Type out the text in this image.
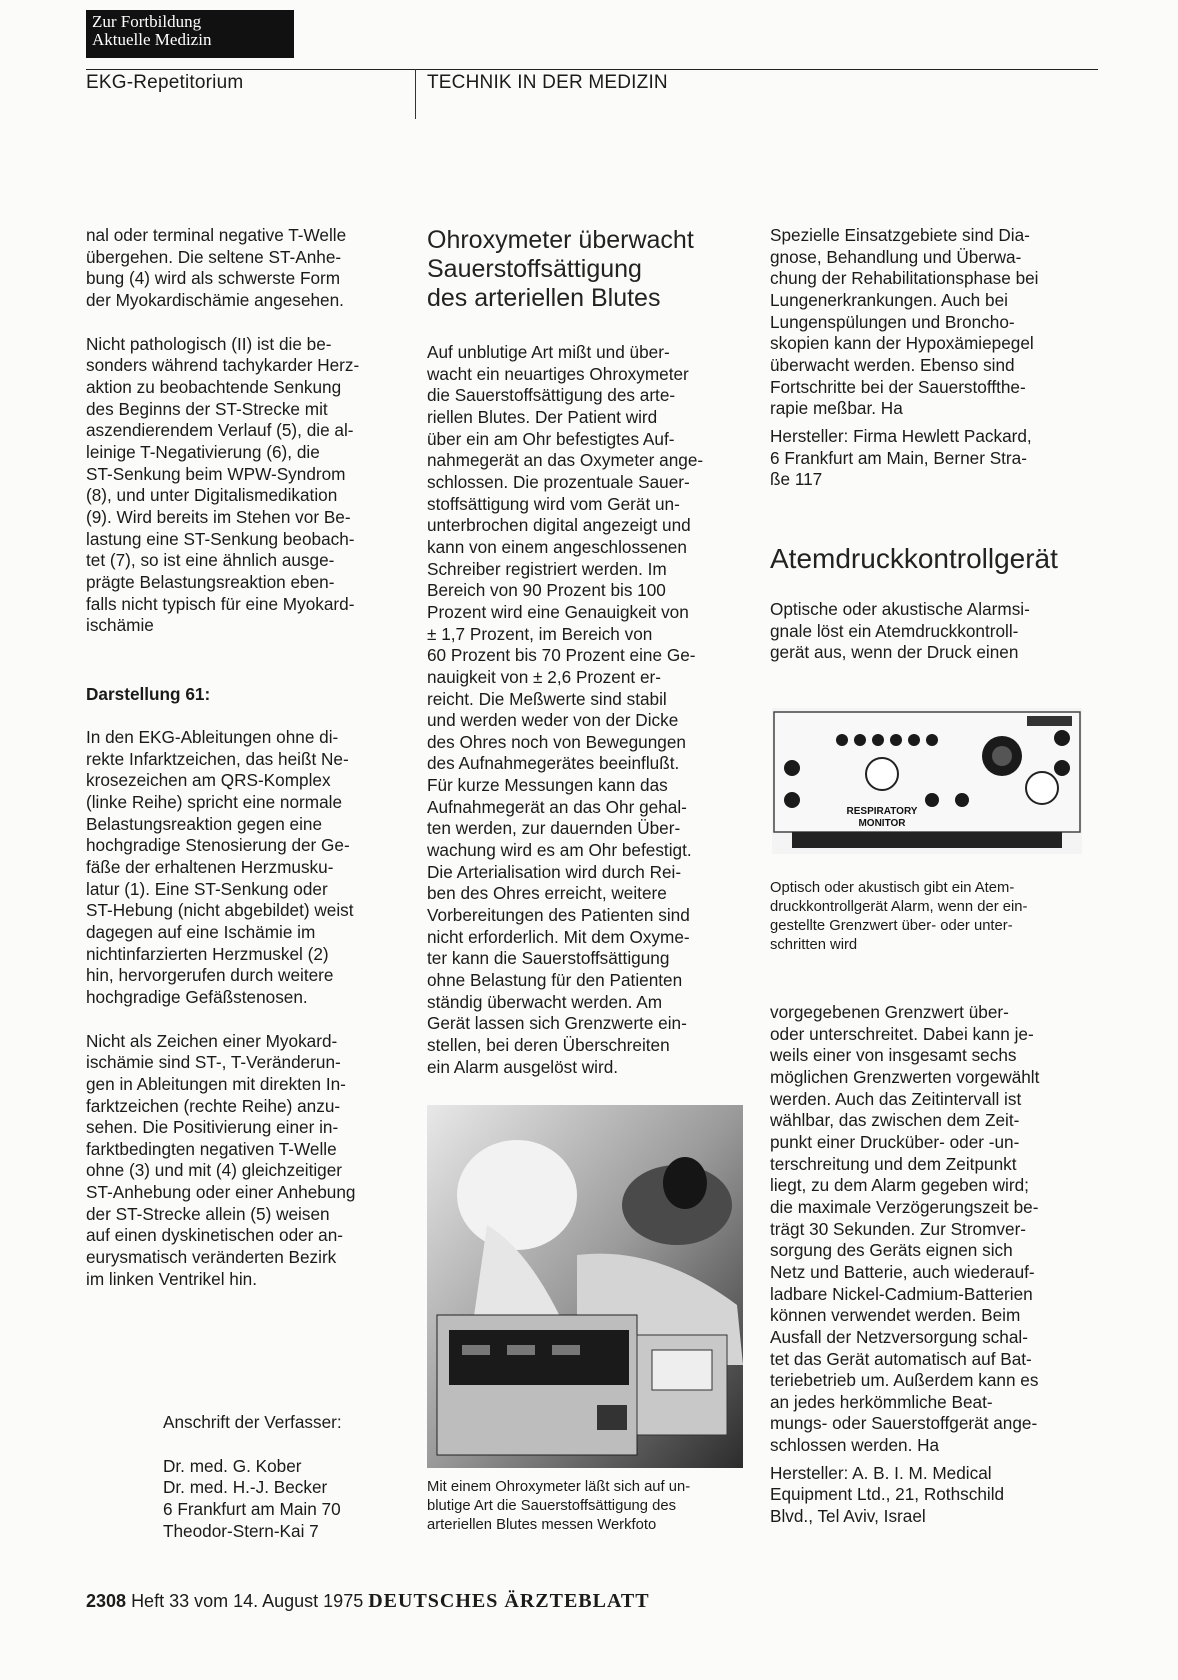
Zur Fortbildung
Aktuelle Medizin
EKG-Repetitorium	TECHNIK IN DER MEDIZIN

nal oder terminal negative T-Welle
übergehen. Die seltene ST-Anhe-
bung (4) wird als schwerste Form
der Myokardischämie angesehen.

Nicht pathologisch (II) ist die be-
sonders während tachykarder Herz-
aktion zu beobachtende Senkung
des Beginns der ST-Strecke mit
aszendierendem Verlauf (5), die al-
leinige T-Negativierung (6), die
ST-Senkung beim WPW-Syndrom
(8), und unter Digitalismedikation
(9). Wird bereits im Stehen vor Be-
lastung eine ST-Senkung beobach-
tet (7), so ist eine ähnlich ausge-
prägte Belastungsreaktion eben-
falls nicht typisch für eine Myokard-
ischämie

Darstellung 61:

In den EKG-Ableitungen ohne di-
rekte Infarktzeichen, das heißt Ne-
krosezeichen am QRS-Komplex
(linke Reihe) spricht eine normale
Belastungsreaktion gegen eine
hochgradige Stenosierung der Ge-
fäße der erhaltenen Herzmusku-
latur (1). Eine ST-Senkung oder
ST-Hebung (nicht abgebildet) weist
dagegen auf eine Ischämie im
nichtinfarzierten Herzmuskel (2)
hin, hervorgerufen durch weitere
hochgradige Gefäßstenosen.

Nicht als Zeichen einer Myokard-
ischämie sind ST-, T-Veränderun-
gen in Ableitungen mit direkten In-
farktzeichen (rechte Reihe) anzu-
sehen. Die Positivierung einer in-
farktbedingten negativen T-Welle
ohne (3) und mit (4) gleichzeitiger
ST-Anhebung oder einer Anhebung
der ST-Strecke allein (5) weisen
auf einen dyskinetischen oder an-
eurysmatisch veränderten Bezirk
im linken Ventrikel hin.

Anschrift der Verfasser:

Dr. med. G. Kober
Dr. med. H.-J. Becker
6 Frankfurt am Main 70
Theodor-Stern-Kai 7

Ohroxymeter überwacht
Sauerstoffsättigung
des arteriellen Blutes

Auf unblutige Art mißt und über-
wacht ein neuartiges Ohroxymeter
die Sauerstoffsättigung des arte-
riellen Blutes. Der Patient wird
über ein am Ohr befestigtes Auf-
nahmegerät an das Oxymeter ange-
schlossen. Die prozentuale Sauer-
stoffsättigung wird vom Gerät un-
unterbrochen digital angezeigt und
kann von einem angeschlossenen
Schreiber registriert werden. Im
Bereich von 90 Prozent bis 100
Prozent wird eine Genauigkeit von
± 1,7 Prozent, im Bereich von
60 Prozent bis 70 Prozent eine Ge-
nauigkeit von ± 2,6 Prozent er-
reicht. Die Meßwerte sind stabil
und werden weder von der Dicke
des Ohres noch von Bewegungen
des Aufnahmegerätes beeinflußt.
Für kurze Messungen kann das
Aufnahmegerät an das Ohr gehal-
ten werden, zur dauernden Über-
wachung wird es am Ohr befestigt.
Die Arterialisation wird durch Rei-
ben des Ohres erreicht, weitere
Vorbereitungen des Patienten sind
nicht erforderlich. Mit dem Oxyme-
ter kann die Sauerstoffsättigung
ohne Belastung für den Patienten
ständig überwacht werden. Am
Gerät lassen sich Grenzwerte ein-
stellen, bei deren Überschreiten
ein Alarm ausgelöst wird.

Mit einem Ohroxymeter läßt sich auf un-
blutige Art die Sauerstoffsättigung des
arteriellen Blutes messen Werkfoto

Spezielle Einsatzgebiete sind Dia-
gnose, Behandlung und Überwa-
chung der Rehabilitationsphase bei
Lungenerkrankungen. Auch bei
Lungenspülungen und Broncho-
skopien kann der Hypoxämiepegel
überwacht werden. Ebenso sind
Fortschritte bei der Sauerstoffthe-
rapie meßbar. Ha

Hersteller: Firma Hewlett Packard,
6 Frankfurt am Main, Berner Stra-
ße 117

Atemdruckkontrollgerät

Optische oder akustische Alarmsi-
gnale löst ein Atemdruckkontroll-
gerät aus, wenn der Druck einen

RESPIRATORY
MONITOR

Optisch oder akustisch gibt ein Atem-
druckkontrollgerät Alarm, wenn der ein-
gestellte Grenzwert über- oder unter-
schritten wird

vorgegebenen Grenzwert über-
oder unterschreitet. Dabei kann je-
weils einer von insgesamt sechs
möglichen Grenzwerten vorgewählt
werden. Auch das Zeitintervall ist
wählbar, das zwischen dem Zeit-
punkt einer Drucküber- oder -un-
terschreitung und dem Zeitpunkt
liegt, zu dem Alarm gegeben wird;
die maximale Verzögerungszeit be-
trägt 30 Sekunden. Zur Stromver-
sorgung des Geräts eignen sich
Netz und Batterie, auch wiederauf-
ladbare Nickel-Cadmium-Batterien
können verwendet werden. Beim
Ausfall der Netzversorgung schal-
tet das Gerät automatisch auf Bat-
teriebetrieb um. Außerdem kann es
an jedes herkömmliche Beat-
mungs- oder Sauerstoffgerät ange-
schlossen werden. Ha

Hersteller: A. B. I. M. Medical
Equipment Ltd., 21, Rothschild
Blvd., Tel Aviv, Israel

2308 Heft 33 vom 14. August 1975 DEUTSCHES ÄRZTEBLATT
